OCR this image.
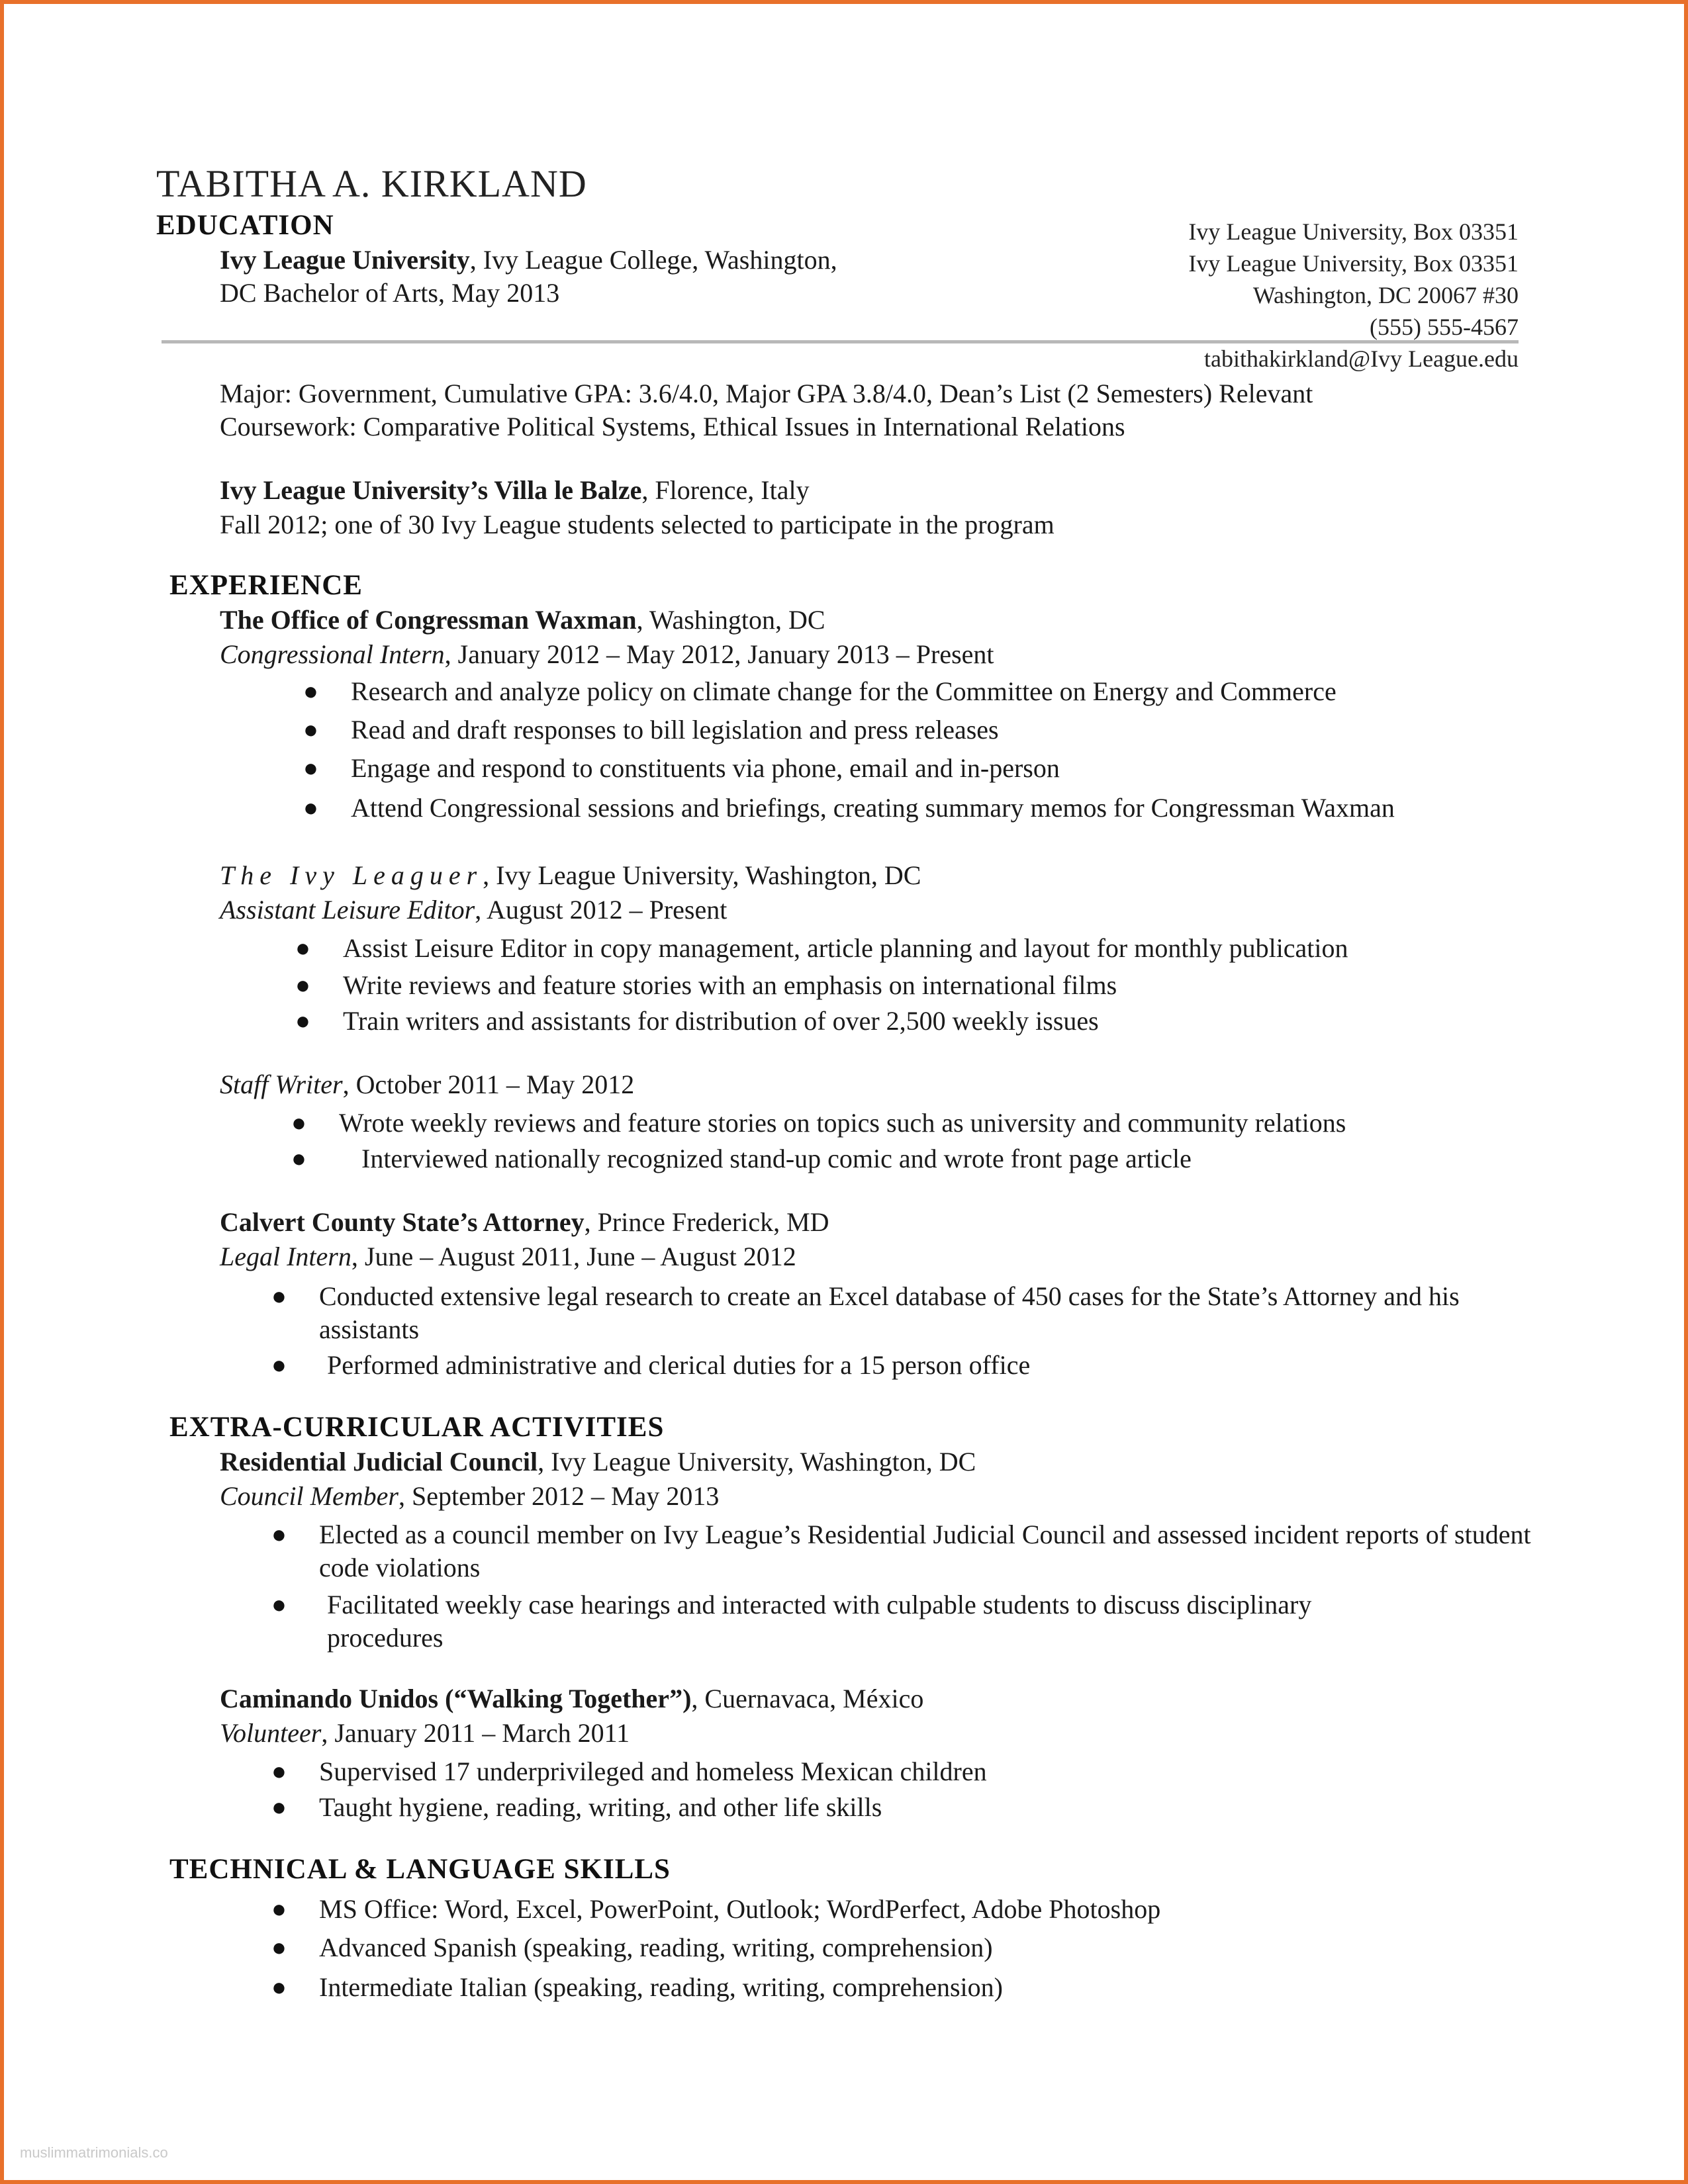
TABITHA A. KIRKLAND
EDUCATION	Ivy League University, Box 03351
Ivy League University, Box 03351
Washington, DC 20067 #30
(555) 555-4567
tabithakirkland@Ivy League.edu
Ivy League University, Ivy League College, Washington,
DC Bachelor of Arts, May 2013
Major: Government, Cumulative GPA: 3.6/4.0, Major GPA 3.8/4.0, Dean’s List (2 Semesters) Relevant
Coursework: Comparative Political Systems, Ethical Issues in International Relations
Ivy League University’s Villa le Balze, Florence, Italy
Fall 2012; one of 30 Ivy League students selected to participate in the program
EXPERIENCE
The Office of Congressman Waxman, Washington, DC
Congressional Intern, January 2012 – May 2012, January 2013 – Present
● Research and analyze policy on climate change for the Committee on Energy and Commerce
● Read and draft responses to bill legislation and press releases
● Engage and respond to constituents via phone, email and in-person
● Attend Congressional sessions and briefings, creating summary memos for Congressman Waxman
The Ivy Leaguer, Ivy League University, Washington, DC
Assistant Leisure Editor, August 2012 – Present
● Assist Leisure Editor in copy management, article planning and layout for monthly publication
● Write reviews and feature stories with an emphasis on international films
● Train writers and assistants for distribution of over 2,500 weekly issues
Staff Writer, October 2011 – May 2012
● Wrote weekly reviews and feature stories on topics such as university and community relations
● Interviewed nationally recognized stand-up comic and wrote front page article
Calvert County State’s Attorney, Prince Frederick, MD
Legal Intern, June – August 2011, June – August 2012
● Conducted extensive legal research to create an Excel database of 450 cases for the State’s Attorney and his assistants
● Performed administrative and clerical duties for a 15 person office
EXTRA-CURRICULAR ACTIVITIES
Residential Judicial Council, Ivy League University, Washington, DC
Council Member, September 2012 – May 2013
● Elected as a council member on Ivy League’s Residential Judicial Council and assessed incident reports of student code violations
● Facilitated weekly case hearings and interacted with culpable students to discuss disciplinary procedures
Caminando Unidos (“Walking Together”), Cuernavaca, México
Volunteer, January 2011 – March 2011
● Supervised 17 underprivileged and homeless Mexican children
● Taught hygiene, reading, writing, and other life skills
TECHNICAL & LANGUAGE SKILLS
● MS Office: Word, Excel, PowerPoint, Outlook; WordPerfect, Adobe Photoshop
● Advanced Spanish (speaking, reading, writing, comprehension)
● Intermediate Italian (speaking, reading, writing, comprehension)
muslimmatrimonials.co
